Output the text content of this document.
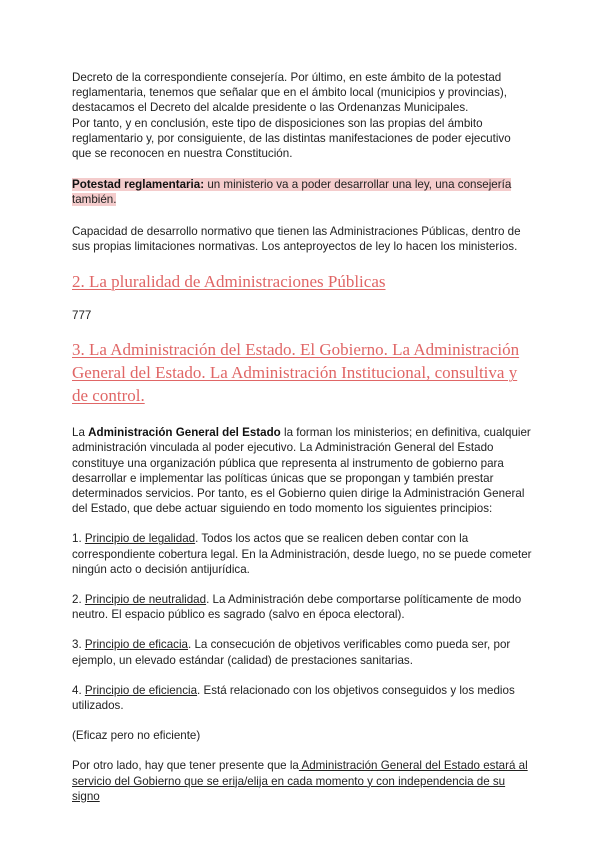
Decreto de la correspondiente consejería. Por último, en este ámbito de la potestad reglamentaria, tenemos que señalar que en el ámbito local (municipios y provincias), destacamos el Decreto del alcalde presidente o las Ordenanzas Municipales.
Por tanto, y en conclusión, este tipo de disposiciones son las propias del ámbito reglamentario y, por consiguiente, de las distintas manifestaciones de poder ejecutivo que se reconocen en nuestra Constitución.

Potestad reglamentaria: un ministerio va a poder desarrollar una ley, una consejería también.

Capacidad de desarrollo normativo que tienen las Administraciones Públicas, dentro de sus propias limitaciones normativas. Los anteproyectos de ley lo hacen los ministerios.

2. La pluralidad de Administraciones Públicas

777

3. La Administración del Estado. El Gobierno. La Administración General del Estado. La Administración Institucional, consultiva y de control.

La Administración General del Estado la forman los ministerios; en definitiva, cualquier administración vinculada al poder ejecutivo. La Administración General del Estado constituye una organización pública que representa al instrumento de gobierno para desarrollar e implementar las políticas únicas que se propongan y también prestar determinados servicios. Por tanto, es el Gobierno quien dirige la Administración General del Estado, que debe actuar siguiendo en todo momento los siguientes principios:

1. Principio de legalidad. Todos los actos que se realicen deben contar con la correspondiente cobertura legal. En la Administración, desde luego, no se puede cometer ningún acto o decisión antijurídica.

2. Principio de neutralidad. La Administración debe comportarse políticamente de modo neutro. El espacio público es sagrado (salvo en época electoral).

3. Principio de eficacia. La consecución de objetivos verificables como pueda ser, por ejemplo, un elevado estándar (calidad) de prestaciones sanitarias.

4. Principio de eficiencia. Está relacionado con los objetivos conseguidos y los medios utilizados.

(Eficaz pero no eficiente)

Por otro lado, hay que tener presente que la Administración General del Estado estará al servicio del Gobierno que se erija/elija en cada momento y con independencia de su signo
